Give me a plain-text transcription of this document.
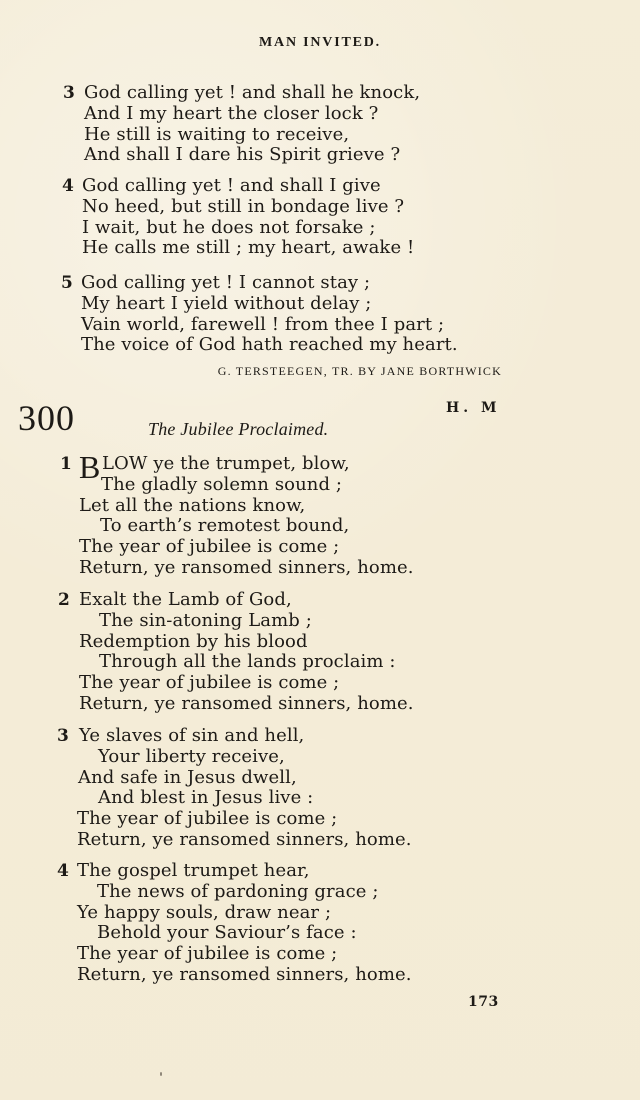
MAN INVITED.
3 God calling yet ! and shall he knock,
And I my heart the closer lock ?
He still is waiting to receive,
And shall I dare his Spirit grieve ?
4 God calling yet ! and shall I give
No heed, but still in bondage live ?
I wait, but he does not forsake ;
He calls me still ; my heart, awake !
5 God calling yet ! I cannot stay ;
My heart I yield without delay ;
Vain world, farewell ! from thee I part ;
The voice of God hath reached my heart.
G. TERSTEEGEN, TR. BY JANE BORTHWICK
300	H. M
The Jubilee Proclaimed.
B
1 LOW ye the trumpet, blow,
The gladly solemn sound ;
Let all the nations know,
To earth’s remotest bound,
The year of jubilee is come ;
Return, ye ransomed sinners, home.
2 Exalt the Lamb of God,
The sin-atoning Lamb ;
Redemption by his blood
Through all the lands proclaim :
The year of jubilee is come ;
Return, ye ransomed sinners, home.
3 Ye slaves of sin and hell,
Your liberty receive,
And safe in Jesus dwell,
And blest in Jesus live :
The year of jubilee is come ;
Return, ye ransomed sinners, home.
4 The gospel trumpet hear,
The news of pardoning grace ;
Ye happy souls, draw near ;
Behold your Saviour’s face :
The year of jubilee is come ;
Return, ye ransomed sinners, home.
173
